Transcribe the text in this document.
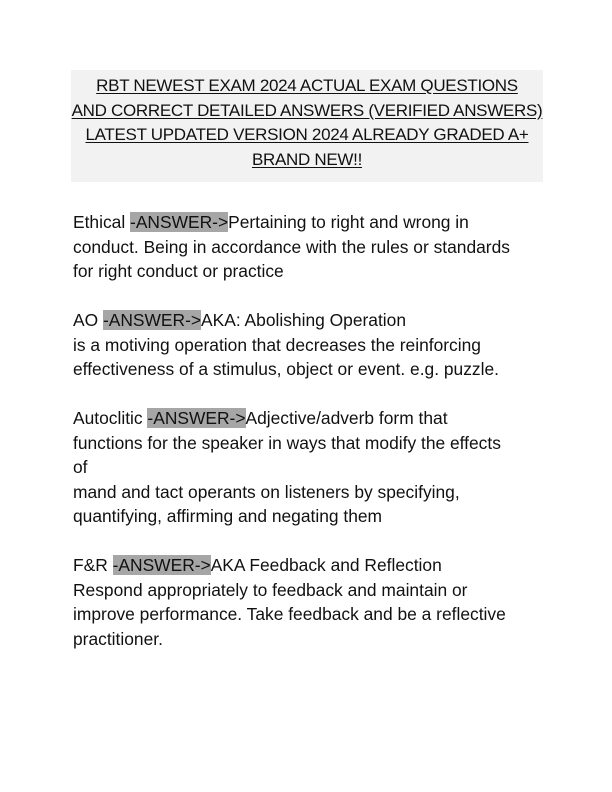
RBT NEWEST EXAM 2024 ACTUAL EXAM QUESTIONS
AND CORRECT DETAILED ANSWERS (VERIFIED ANSWERS)
LATEST UPDATED VERSION 2024 ALREADY GRADED A+
BRAND NEW!!
Ethical -ANSWER->Pertaining to right and wrong in
conduct. Being in accordance with the rules or standards
for right conduct or practice
AO -ANSWER->AKA: Abolishing Operation
is a motiving operation that decreases the reinforcing
effectiveness of a stimulus, object or event. e.g. puzzle.
Autoclitic -ANSWER->Adjective/adverb form that
functions for the speaker in ways that modify the effects
of
mand and tact operants on listeners by specifying,
quantifying, affirming and negating them
F&R -ANSWER->AKA Feedback and Reflection
Respond appropriately to feedback and maintain or
improve performance. Take feedback and be a reflective
practitioner.
